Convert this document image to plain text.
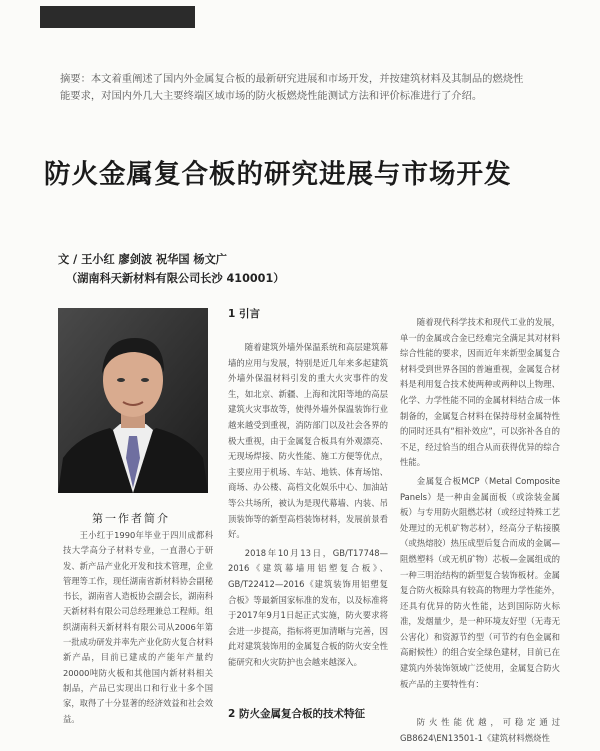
摘要：本文着重阐述了国内外金属复合板的最新研究进展和市场开发，并按建筑材料及其制品的燃烧性能要求，对国内外几大主要终端区域市场的防火板燃烧性能测试方法和评价标准进行了介绍。

防火金属复合板的研究进展与市场开发

文 / 王小红 廖剑波 祝华国 杨文广

（湖南科天新材料有限公司长沙 410001）

第一作者简介

王小红于1990年毕业于四川成都科技大学高分子材料专业，一直潜心于研发、新产品产业化开发和技术管理，企业管理等工作，现任湖南省新材料协会副秘书长，湖南省人造板协会副会长，湖南科天新材料有限公司总经理兼总工程师。组织湖南科天新材料有限公司从2006年第一批成功研发并率先产业化防火复合材料新产品，目前已建成的产能年产量约20000吨防火板和其他国内新材料相关制品，产品已实现出口和行业十多个国家，取得了十分显著的经济效益和社会效益。

1 引言

随着建筑外墙外保温系统和高层建筑幕墙的应用与发展，特别是近几年来多起建筑外墙外保温材料引发的重大火灾事件的发生，如北京、新疆、上海和沈阳等地的高层建筑火灾事故等，使得外墙外保温装饰行业越来越受到重视，消防部门以及社会各界的极大重视，由于金属复合板具有外观漂亮、无现场焊接、防火性能、施工方便等优点，主要应用于机场、车站、地铁、体育场馆、商场、办公楼、高档文化娱乐中心、加油站等公共场所，被认为是现代幕墙、内装、吊顶装饰等的新型高档装饰材料，发展前景看好。

2018年10月13日，GB/T17748—2016《建筑幕墙用铝塑复合板》、GB/T22412—2016《建筑装饰用铝塑复合板》等最新国家标准的发布，以及标准将于2017年9月1日起正式实施，防火要求将会进一步提高，指标将更加清晰与完善，因此对建筑装饰用的金属复合板的防火安全性能研究和火灾防护也会越来越深入。

2 防火金属复合板的技术特征

随着现代科学技术和现代工业的发展，单一的金属或合金已经难完全满足其对材料综合性能的要求，因而近年来新型金属复合材料受到世界各国的普遍重视，金属复合材料是利用复合技术使两种或两种以上物理、化学、力学性能不同的金属材料结合成一体制备的，金属复合材料在保持母材金属特性的同时还具有“相补效应”，可以弥补各自的不足，经过恰当的组合从而获得优异的综合性能。

金属复合板MCP（Metal Composite Panels）是一种由金属面板（或涂装金属板）与专用防火阻燃芯材（或经过特殊工艺处理过的无机矿物芯材），经高分子粘接膜（或热熔胶）热压成型后复合而成的金属—阻燃塑料（或无机矿物）芯板—金属组成的一种三明治结构的新型复合装饰板材。金属复合防火板除具有较高的物理力学性能外，还具有优异的防火性能，达到国际防火标准，发烟量少，是一种环境友好型（无毒无公害化）和资源节约型（可节约有色金属和高耐候性）的组合安全绿色建材，目前已在建筑内外装饰领域广泛使用，金属复合防火板产品的主要特性有：

防火性能优越，可稳定通过GB8624\EN13501-1《建筑材料燃烧性
